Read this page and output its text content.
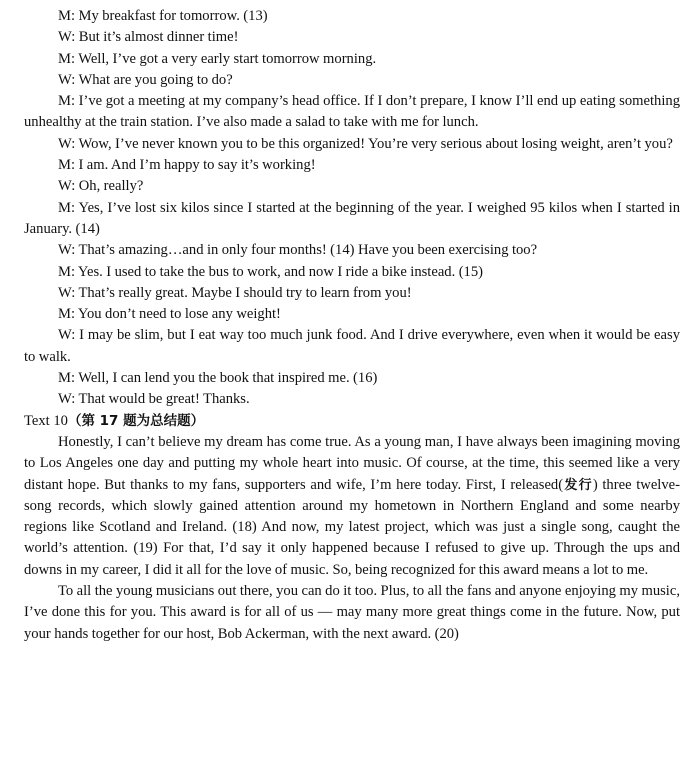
M: My breakfast for tomorrow. (13)

W: But it’s almost dinner time!

M: Well, I’ve got a very early start tomorrow morning.

W: What are you going to do?

M: I’ve got a meeting at my company’s head office. If I don’t prepare, I know I’ll end up eating something unhealthy at the train station. I’ve also made a salad to take with me for lunch.

W: Wow, I’ve never known you to be this organized! You’re very serious about losing weight, aren’t you?

M: I am. And I’m happy to say it’s working!

W: Oh, really?

M: Yes, I’ve lost six kilos since I started at the beginning of the year. I weighed 95 kilos when I started in January. (14)

W: That’s amazing…and in only four months! (14) Have you been exercising too?

M: Yes. I used to take the bus to work, and now I ride a bike instead. (15)

W: That’s really great. Maybe I should try to learn from you!

M: You don’t need to lose any weight!

W: I may be slim, but I eat way too much junk food. And I drive everywhere, even when it would be easy to walk.

M: Well, I can lend you the book that inspired me. (16)

W: That would be great! Thanks.

Text 10（第 17 题为总结题）

Honestly, I can’t believe my dream has come true. As a young man, I have always been imagining moving to Los Angeles one day and putting my whole heart into music. Of course, at the time, this seemed like a very distant hope. But thanks to my fans, supporters and wife, I’m here today. First, I released(发行) three twelve-song records, which slowly gained attention around my hometown in Northern England and some nearby regions like Scotland and Ireland. (18) And now, my latest project, which was just a single song, caught the world’s attention. (19) For that, I’d say it only happened because I refused to give up. Through the ups and downs in my career, I did it all for the love of music. So, being recognized for this award means a lot to me.

To all the young musicians out there, you can do it too. Plus, to all the fans and anyone enjoying my music, I’ve done this for you. This award is for all of us — may many more great things come in the future. Now, put your hands together for our host, Bob Ackerman, with the next award. (20)
